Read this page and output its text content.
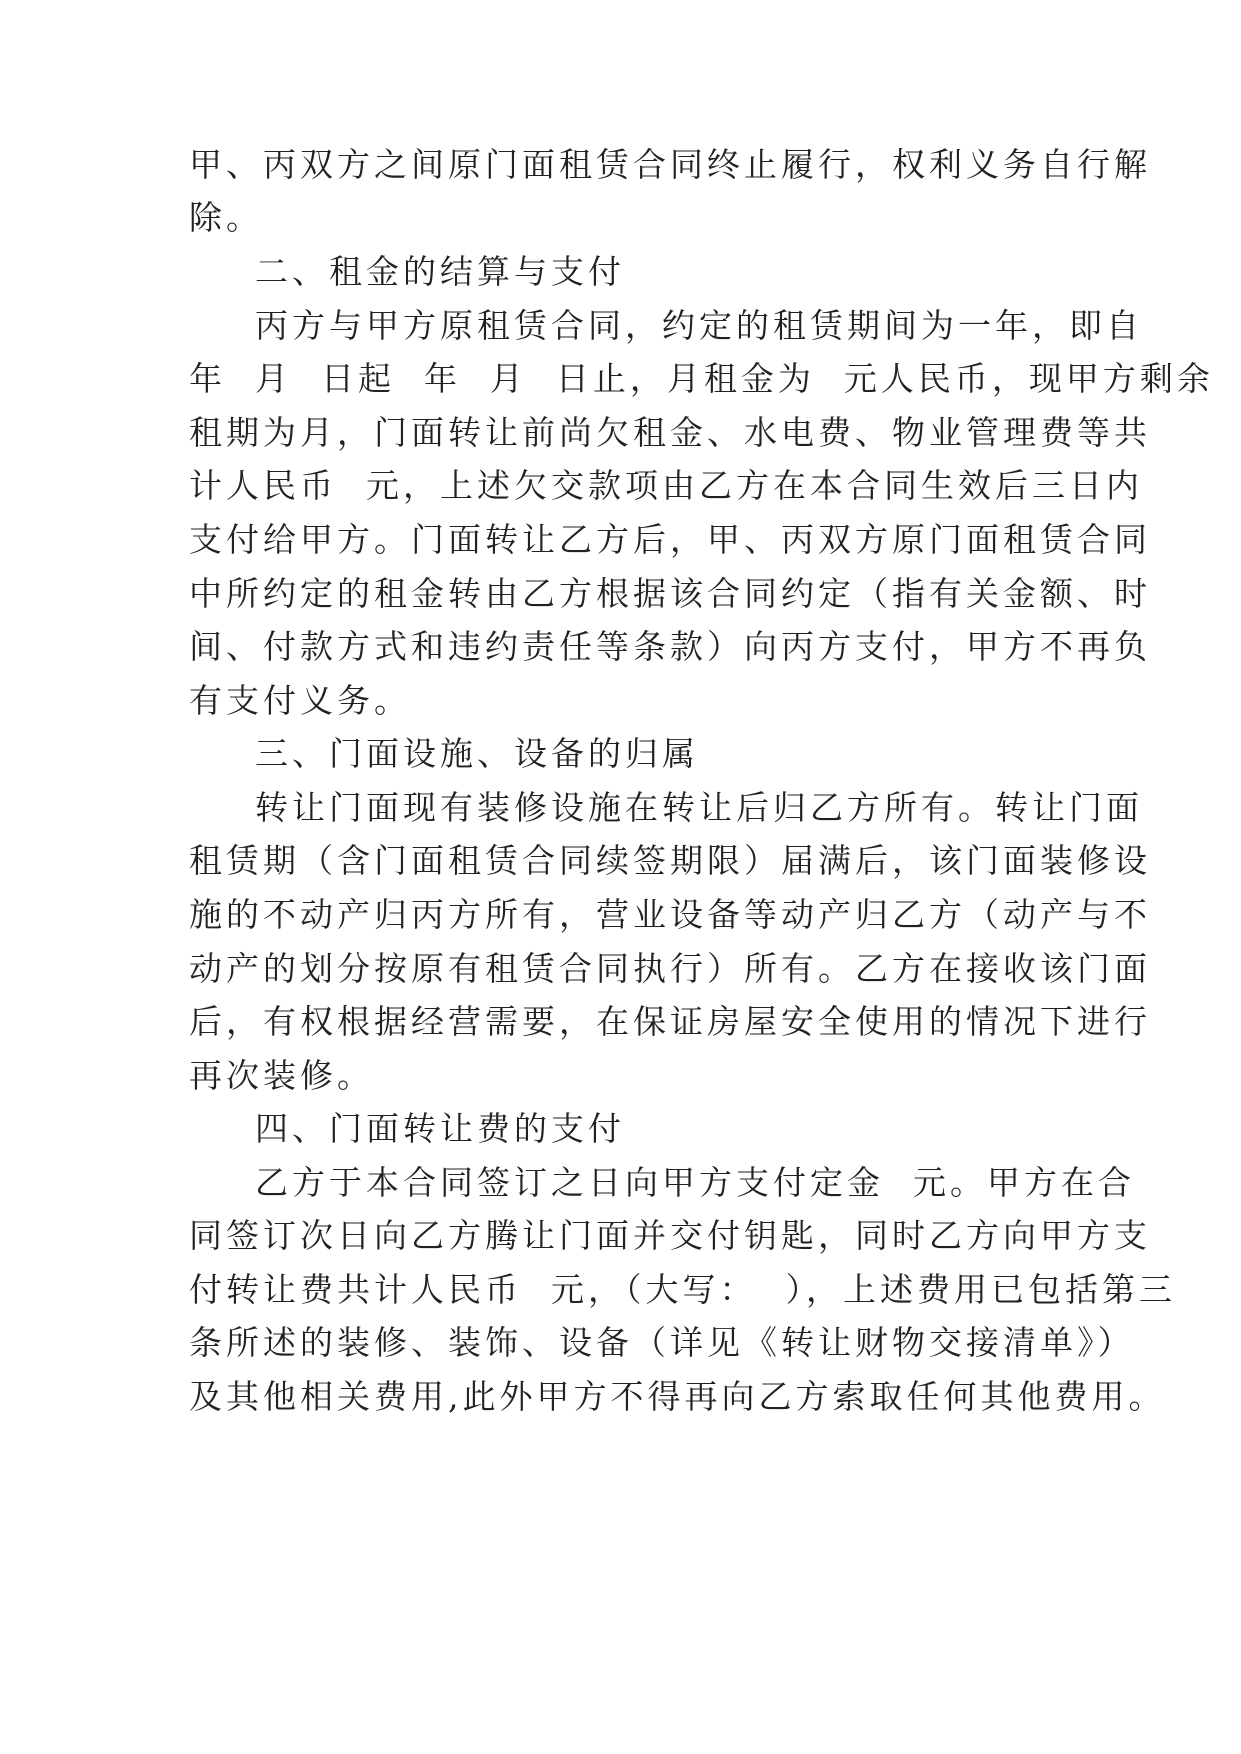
甲、丙双方之间原门面租赁合同终止履行，权利义务自行解
除。
二、租金的结算与支付
丙方与甲方原租赁合同，约定的租赁期间为一年，即自
年  月  日起  年  月  日止，月租金为  元人民币，现甲方剩余
租期为月，门面转让前尚欠租金、水电费、物业管理费等共
计人民币  元，上述欠交款项由乙方在本合同生效后三日内
支付给甲方。门面转让乙方后，甲、丙双方原门面租赁合同
中所约定的租金转由乙方根据该合同约定（指有关金额、时
间、付款方式和违约责任等条款）向丙方支付，甲方不再负
有支付义务。
三、门面设施、设备的归属
转让门面现有装修设施在转让后归乙方所有。转让门面
租赁期（含门面租赁合同续签期限）届满后，该门面装修设
施的不动产归丙方所有，营业设备等动产归乙方（动产与不
动产的划分按原有租赁合同执行）所有。乙方在接收该门面
后，有权根据经营需要，在保证房屋安全使用的情况下进行
再次装修。
四、门面转让费的支付
乙方于本合同签订之日向甲方支付定金  元。甲方在合
同签订次日向乙方腾让门面并交付钥匙，同时乙方向甲方支
付转让费共计人民币  元，（大写：  ），上述费用已包括第三
条所述的装修、装饰、设备（详见《转让财物交接清单》）
及其他相关费用,此外甲方不得再向乙方索取任何其他费用。
